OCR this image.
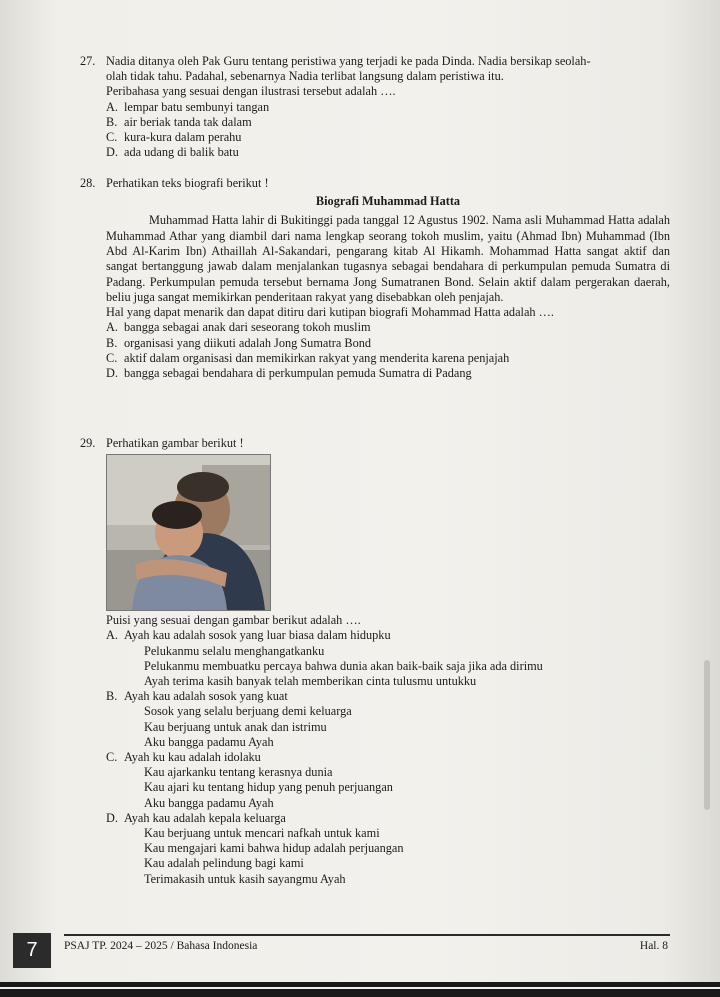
27. Nadia ditanya oleh Pak Guru tentang peristiwa yang terjadi ke pada Dinda. Nadia bersikap seolah-
olah tidak tahu. Padahal, sebenarnya Nadia terlibat langsung dalam peristiwa itu.
Peribahasa yang sesuai dengan ilustrasi tersebut adalah ….
A. lempar batu sembunyi tangan
B. air beriak tanda tak dalam
C. kura-kura dalam perahu
D. ada udang di balik batu
28. Perhatikan teks biografi berikut !
Biografi Muhammad Hatta
Muhammad Hatta lahir di Bukitinggi pada tanggal 12 Agustus 1902. Nama asli Muhammad Hatta adalah Muhammad Athar yang diambil dari nama lengkap seorang tokoh muslim, yaitu (Ahmad Ibn) Muhammad (Ibn Abd Al-Karim Ibn) Athaillah Al-Sakandari, pengarang kitab Al Hikamh. Mohammad Hatta sangat aktif dan sangat bertanggung jawab dalam menjalankan tugasnya sebagai bendahara di perkumpulan pemuda Sumatra di Padang. Perkumpulan pemuda tersebut bernama Jong Sumatranen Bond. Selain aktif dalam pergerakan daerah, beliu juga sangat memikirkan penderitaan rakyat yang disebabkan oleh penjajah.
Hal yang dapat menarik dan dapat ditiru dari kutipan biografi Mohammad Hatta adalah ….
A. bangga sebagai anak dari seseorang tokoh muslim
B. organisasi yang diikuti adalah Jong Sumatra Bond
C. aktif dalam organisasi dan memikirkan rakyat yang menderita karena penjajah
D. bangga sebagai bendahara di perkumpulan pemuda Sumatra di Padang
29. Perhatikan gambar berikut !
Puisi yang sesuai dengan gambar berikut adalah ….
A. Ayah kau adalah sosok yang luar biasa dalam hidupku
Pelukanmu selalu menghangatkanku
Pelukanmu membuatku percaya bahwa dunia akan baik-baik saja jika ada dirimu
Ayah terima kasih banyak telah memberikan cinta tulusmu untukku
B. Ayah kau adalah sosok yang kuat
Sosok yang selalu berjuang demi keluarga
Kau berjuang untuk anak dan istrimu
Aku bangga padamu Ayah
C. Ayah ku kau adalah idolaku
Kau ajarkanku tentang kerasnya dunia
Kau ajari ku tentang hidup yang penuh perjuangan
Aku bangga padamu Ayah
D. Ayah kau adalah kepala keluarga
Kau berjuang untuk mencari nafkah untuk kami
Kau mengajari kami bahwa hidup adalah perjuangan
Kau adalah pelindung bagi kami
Terimakasih untuk kasih sayangmu Ayah
7	PSAJ TP. 2024 – 2025 / Bahasa Indonesia	Hal. 8
